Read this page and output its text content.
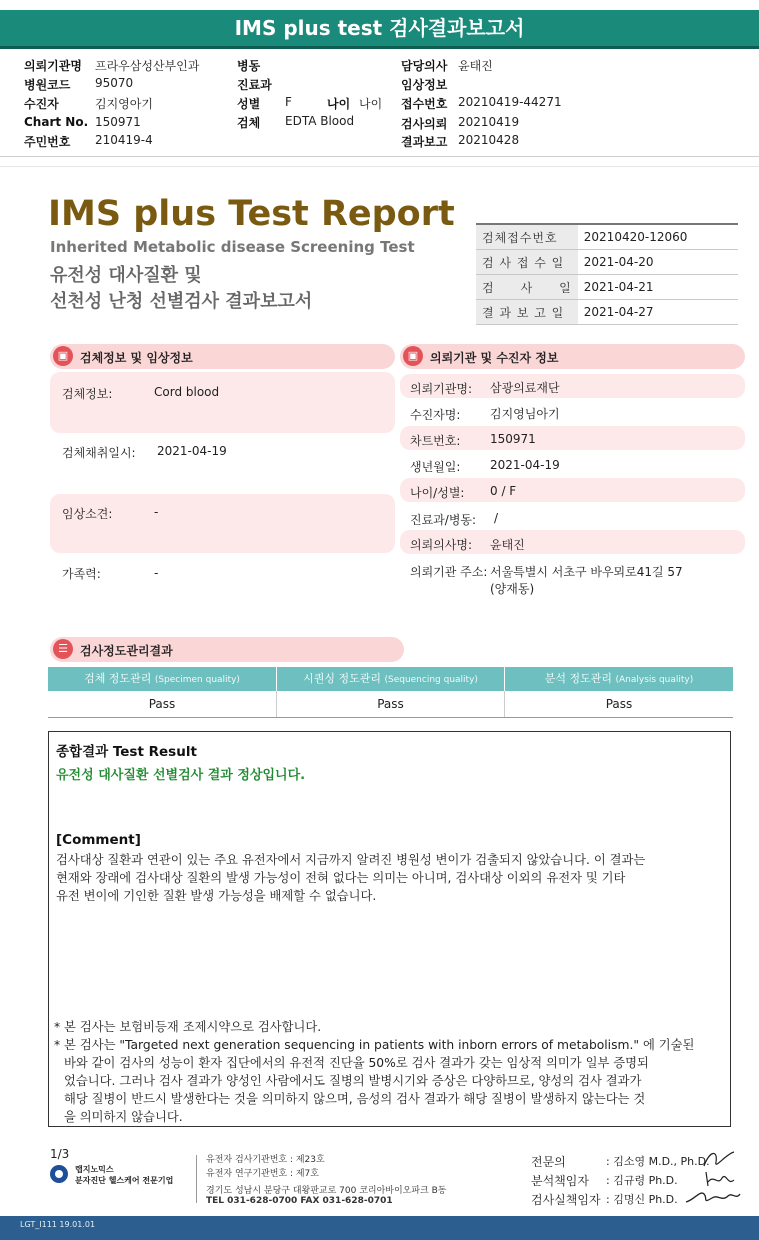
IMS plus test 검사결과보고서
의뢰기관명 프라우삼성산부인과
병원코드 95070
수진자	김지영아기
Chart No. 150971
주민번호 210419-4
병동
진료과
성별 F	나이 나이
검체 EDTA Blood
담당의사 윤태진
임상정보
접수번호 20210419-44271
검사의뢰 20210419
결과보고 20210428
IMS plus Test Report
Inherited Metabolic disease Screening Test
유전성 대사질환 및
선천성 난청 선별검사 결과보고서
검체접수번호	20210420-12060
검 사 접 수 일	2021-04-20
검　　사　　일	2021-04-21
결 과 보 고 일	2021-04-27
▣ 검체정보 및 임상정보
검체정보:	Cord blood
검체채취일시: 2021-04-19
임상소견:	-
가족력:	-
▣ 의뢰기관 및 수진자 정보
의뢰기관명: 삼광의료재단
수진자명: 김지영님아기
차트번호: 150971
생년월일: 2021-04-19
나이/성별: 0 / F
진료과/병동: /
의뢰의사명: 윤태진
의뢰기관 주소: 서울특별시 서초구 바우뫼로41길 57
(양재동)
☰	검사정도관리결과
검체 정도관리 (Specimen quality)	시퀀싱 정도관리 (Sequencing quality)	분석 정도관리 (Analysis quality)
Pass	Pass	Pass
종합결과 Test Result
유전성 대사질환 선별검사 결과 정상입니다.
[Comment]
검사대상 질환과 연관이 있는 주요 유전자에서 지금까지 알려진 병원성 변이가 검출되지 않았습니다. 이 결과는
현재와 장래에 검사대상 질환의 발생 가능성이 전혀 없다는 의미는 아니며, 검사대상 이외의 유전자 및 기타
유전 변이에 기인한 질환 발생 가능성을 배제할 수 없습니다.
* 본 검사는 보험비등재 조제시약으로 검사합니다.
* 본 검사는 "Targeted next generation sequencing in patients with inborn errors of metabolism." 에 기술된
바와 같이 검사의 성능이 환자 집단에서의 유전적 진단율 50%로 검사 결과가 갖는 임상적 의미가 일부 증명되
었습니다. 그러나 검사 결과가 양성인 사람에서도 질병의 발병시기와 증상은 다양하므로, 양성의 검사 결과가
해당 질병이 반드시 발생한다는 것을 의미하지 않으며, 음성의 검사 결과가 해당 질병이 발생하지 않는다는 것
을 의미하지 않습니다.
1/3
랩지노믹스
분자진단 헬스케어 전문기업
유전자 검사기관번호 : 제23호
유전자 연구기관번호 : 제7호
경기도 성남시 분당구 대왕판교로 700 코리아바이오파크 B동
TEL 031-628-0700 FAX 031-628-0701
전문의	: 김소영 M.D., Ph.D.
분석책임자 : 김규령 Ph.D.
검사실책임자 : 김명신 Ph.D.
LGT_I111 19.01.01
